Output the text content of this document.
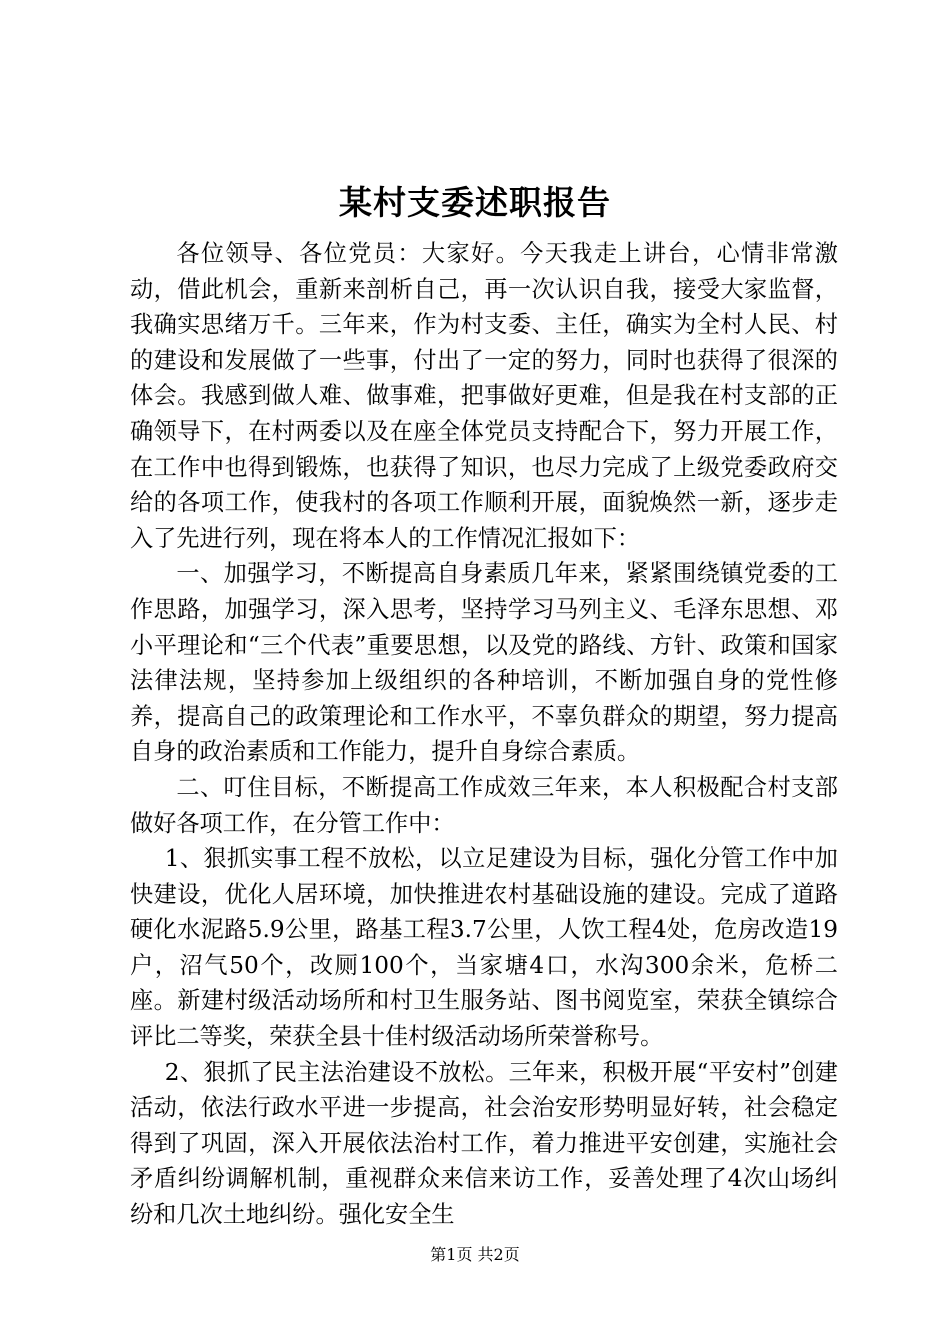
某村支委述职报告

各位领导、各位党员：大家好。今天我走上讲台，心情非常激动，借此机会，重新来剖析自己，再一次认识自我，接受大家监督，我确实思绪万千。三年来，作为村支委、主任，确实为全村人民、村的建设和发展做了一些事，付出了一定的努力，同时也获得了很深的体会。我感到做人难、做事难，把事做好更难，但是我在村支部的正确领导下，在村两委以及在座全体党员支持配合下，努力开展工作，在工作中也得到锻炼，也获得了知识，也尽力完成了上级党委政府交给的各项工作，使我村的各项工作顺利开展，面貌焕然一新，逐步走入了先进行列，现在将本人的工作情况汇报如下：

一、加强学习，不断提高自身素质几年来，紧紧围绕镇党委的工作思路，加强学习，深入思考，坚持学习马列主义、毛泽东思想、邓小平理论和“三个代表”重要思想，以及党的路线、方针、政策和国家法律法规，坚持参加上级组织的各种培训，不断加强自身的党性修养，提高自己的政策理论和工作水平，不辜负群众的期望，努力提高自身的政治素质和工作能力，提升自身综合素质。

二、叮住目标，不断提高工作成效三年来，本人积极配合村支部做好各项工作，在分管工作中：

1、狠抓实事工程不放松，以立足建设为目标，强化分管工作中加快建设，优化人居环境，加快推进农村基础设施的建设。完成了道路硬化水泥路5.9公里，路基工程3.7公里，人饮工程4处，危房改造19户，沼气50个，改厕100个，当家塘4口，水沟300余米，危桥二座。新建村级活动场所和村卫生服务站、图书阅览室，荣获全镇综合评比二等奖，荣获全县十佳村级活动场所荣誉称号。

2、狠抓了民主法治建设不放松。三年来，积极开展“平安村”创建活动，依法行政水平进一步提高，社会治安形势明显好转，社会稳定得到了巩固，深入开展依法治村工作，着力推进平安创建，实施社会矛盾纠纷调解机制，重视群众来信来访工作，妥善处理了4次山场纠纷和几次土地纠纷。强化安全生

第1页 共2页
